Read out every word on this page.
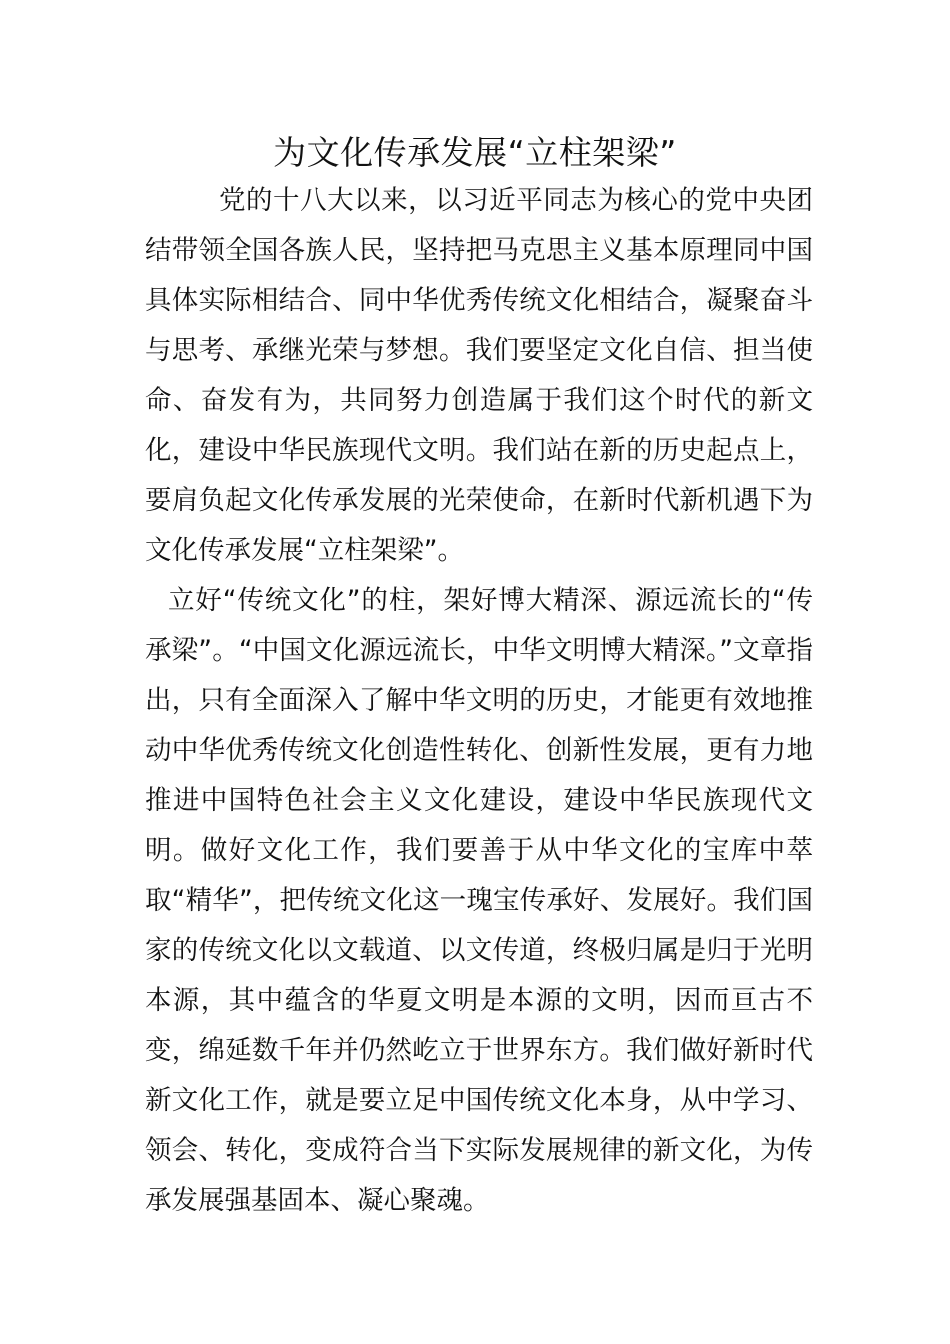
为文化传承发展“立柱架梁”

党的十八大以来，以习近平同志为核心的党中央团结带领全国各族人民，坚持把马克思主义基本原理同中国具体实际相结合、同中华优秀传统文化相结合，凝聚奋斗与思考、承继光荣与梦想。我们要坚定文化自信、担当使命、奋发有为，共同努力创造属于我们这个时代的新文化，建设中华民族现代文明。我们站在新的历史起点上，要肩负起文化传承发展的光荣使命，在新时代新机遇下为文化传承发展“立柱架梁”。

立好“传统文化”的柱，架好博大精深、源远流长的“传承梁”。“中国文化源远流长，中华文明博大精深。”文章指出，只有全面深入了解中华文明的历史，才能更有效地推动中华优秀传统文化创造性转化、创新性发展，更有力地推进中国特色社会主义文化建设，建设中华民族现代文明。做好文化工作，我们要善于从中华文化的宝库中萃取“精华”，把传统文化这一瑰宝传承好、发展好。我们国家的传统文化以文载道、以文传道，终极归属是归于光明本源，其中蕴含的华夏文明是本源的文明，因而亘古不变，绵延数千年并仍然屹立于世界东方。我们做好新时代新文化工作，就是要立足中国传统文化本身，从中学习、领会、转化，变成符合当下实际发展规律的新文化，为传承发展强基固本、凝心聚魂。
